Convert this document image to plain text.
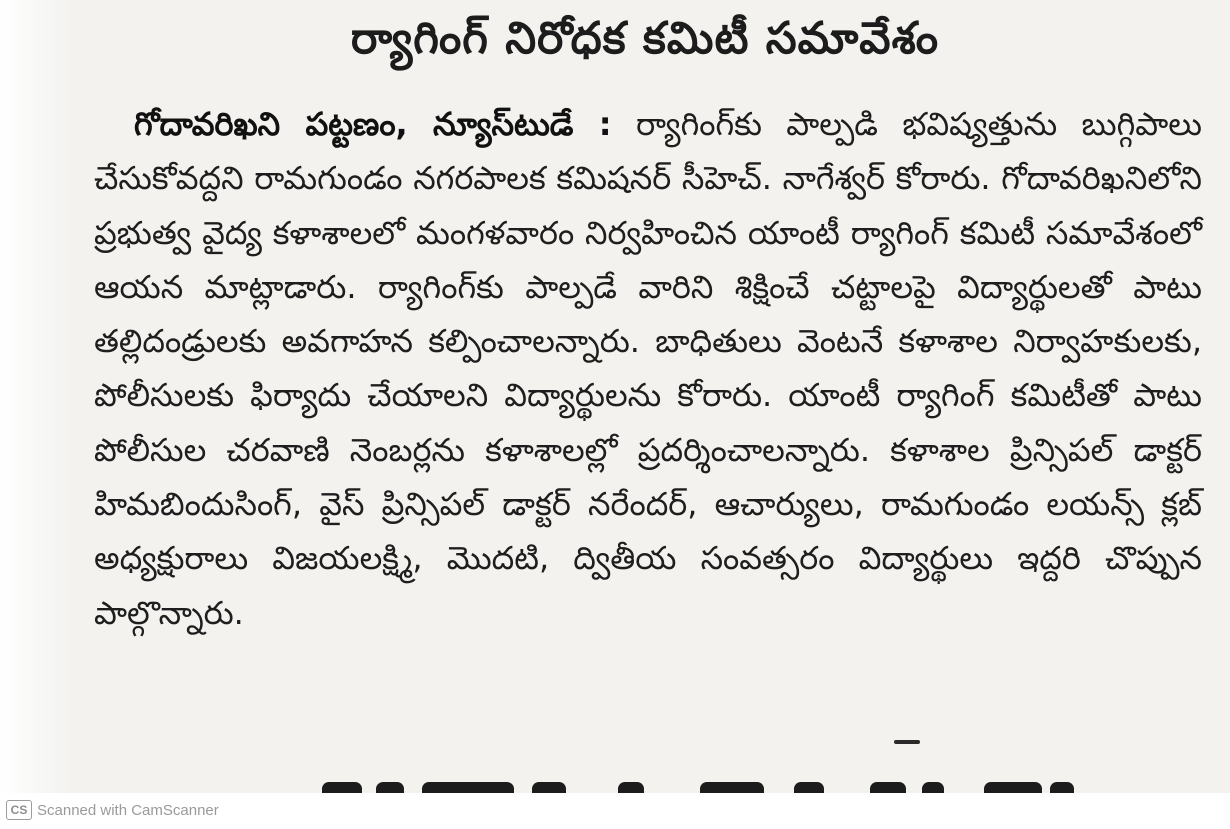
ర్యాగింగ్ నిరోధక కమిటీ సమావేశం

గోదావరిఖని పట్టణం, న్యూస్‌టుడే : ర్యాగింగ్‌కు పాల్పడి భవిష్యత్తును బుగ్గిపాలు చేసుకోవద్దని రామగుండం నగరపాలక కమిషనర్ సీహెచ్. నాగేశ్వర్ కోరారు. గోదావరిఖనిలోని ప్రభుత్వ వైద్య కళాశాలలో మంగళవారం నిర్వహించిన యాంటీ ర్యాగింగ్ కమిటీ సమావేశంలో ఆయన మాట్లాడారు. ర్యాగింగ్‌కు పాల్పడే వారిని శిక్షించే చట్టాలపై విద్యార్థులతో పాటు తల్లిదండ్రులకు అవగాహన కల్పించాలన్నారు. బాధితులు వెంటనే కళాశాల నిర్వాహకులకు, పోలీసులకు ఫిర్యాదు చేయాలని విద్యార్థులను కోరారు. యాంటీ ర్యాగింగ్ కమిటీతో పాటు పోలీసుల చరవాణి నెంబర్లను కళాశాలల్లో ప్రదర్శించాలన్నారు. కళాశాల ప్రిన్సిపల్ డాక్టర్ హిమబిందుసింగ్, వైస్ ప్రిన్సిపల్ డాక్టర్ నరేందర్, ఆచార్యులు, రామగుండం లయన్స్ క్లబ్ అధ్యక్షురాలు విజయలక్ష్మి, మొదటి, ద్వితీయ సంవత్సరం విద్యార్థులు ఇద్దరి చొప్పున పాల్గొన్నారు.

CS Scanned with CamScanner
